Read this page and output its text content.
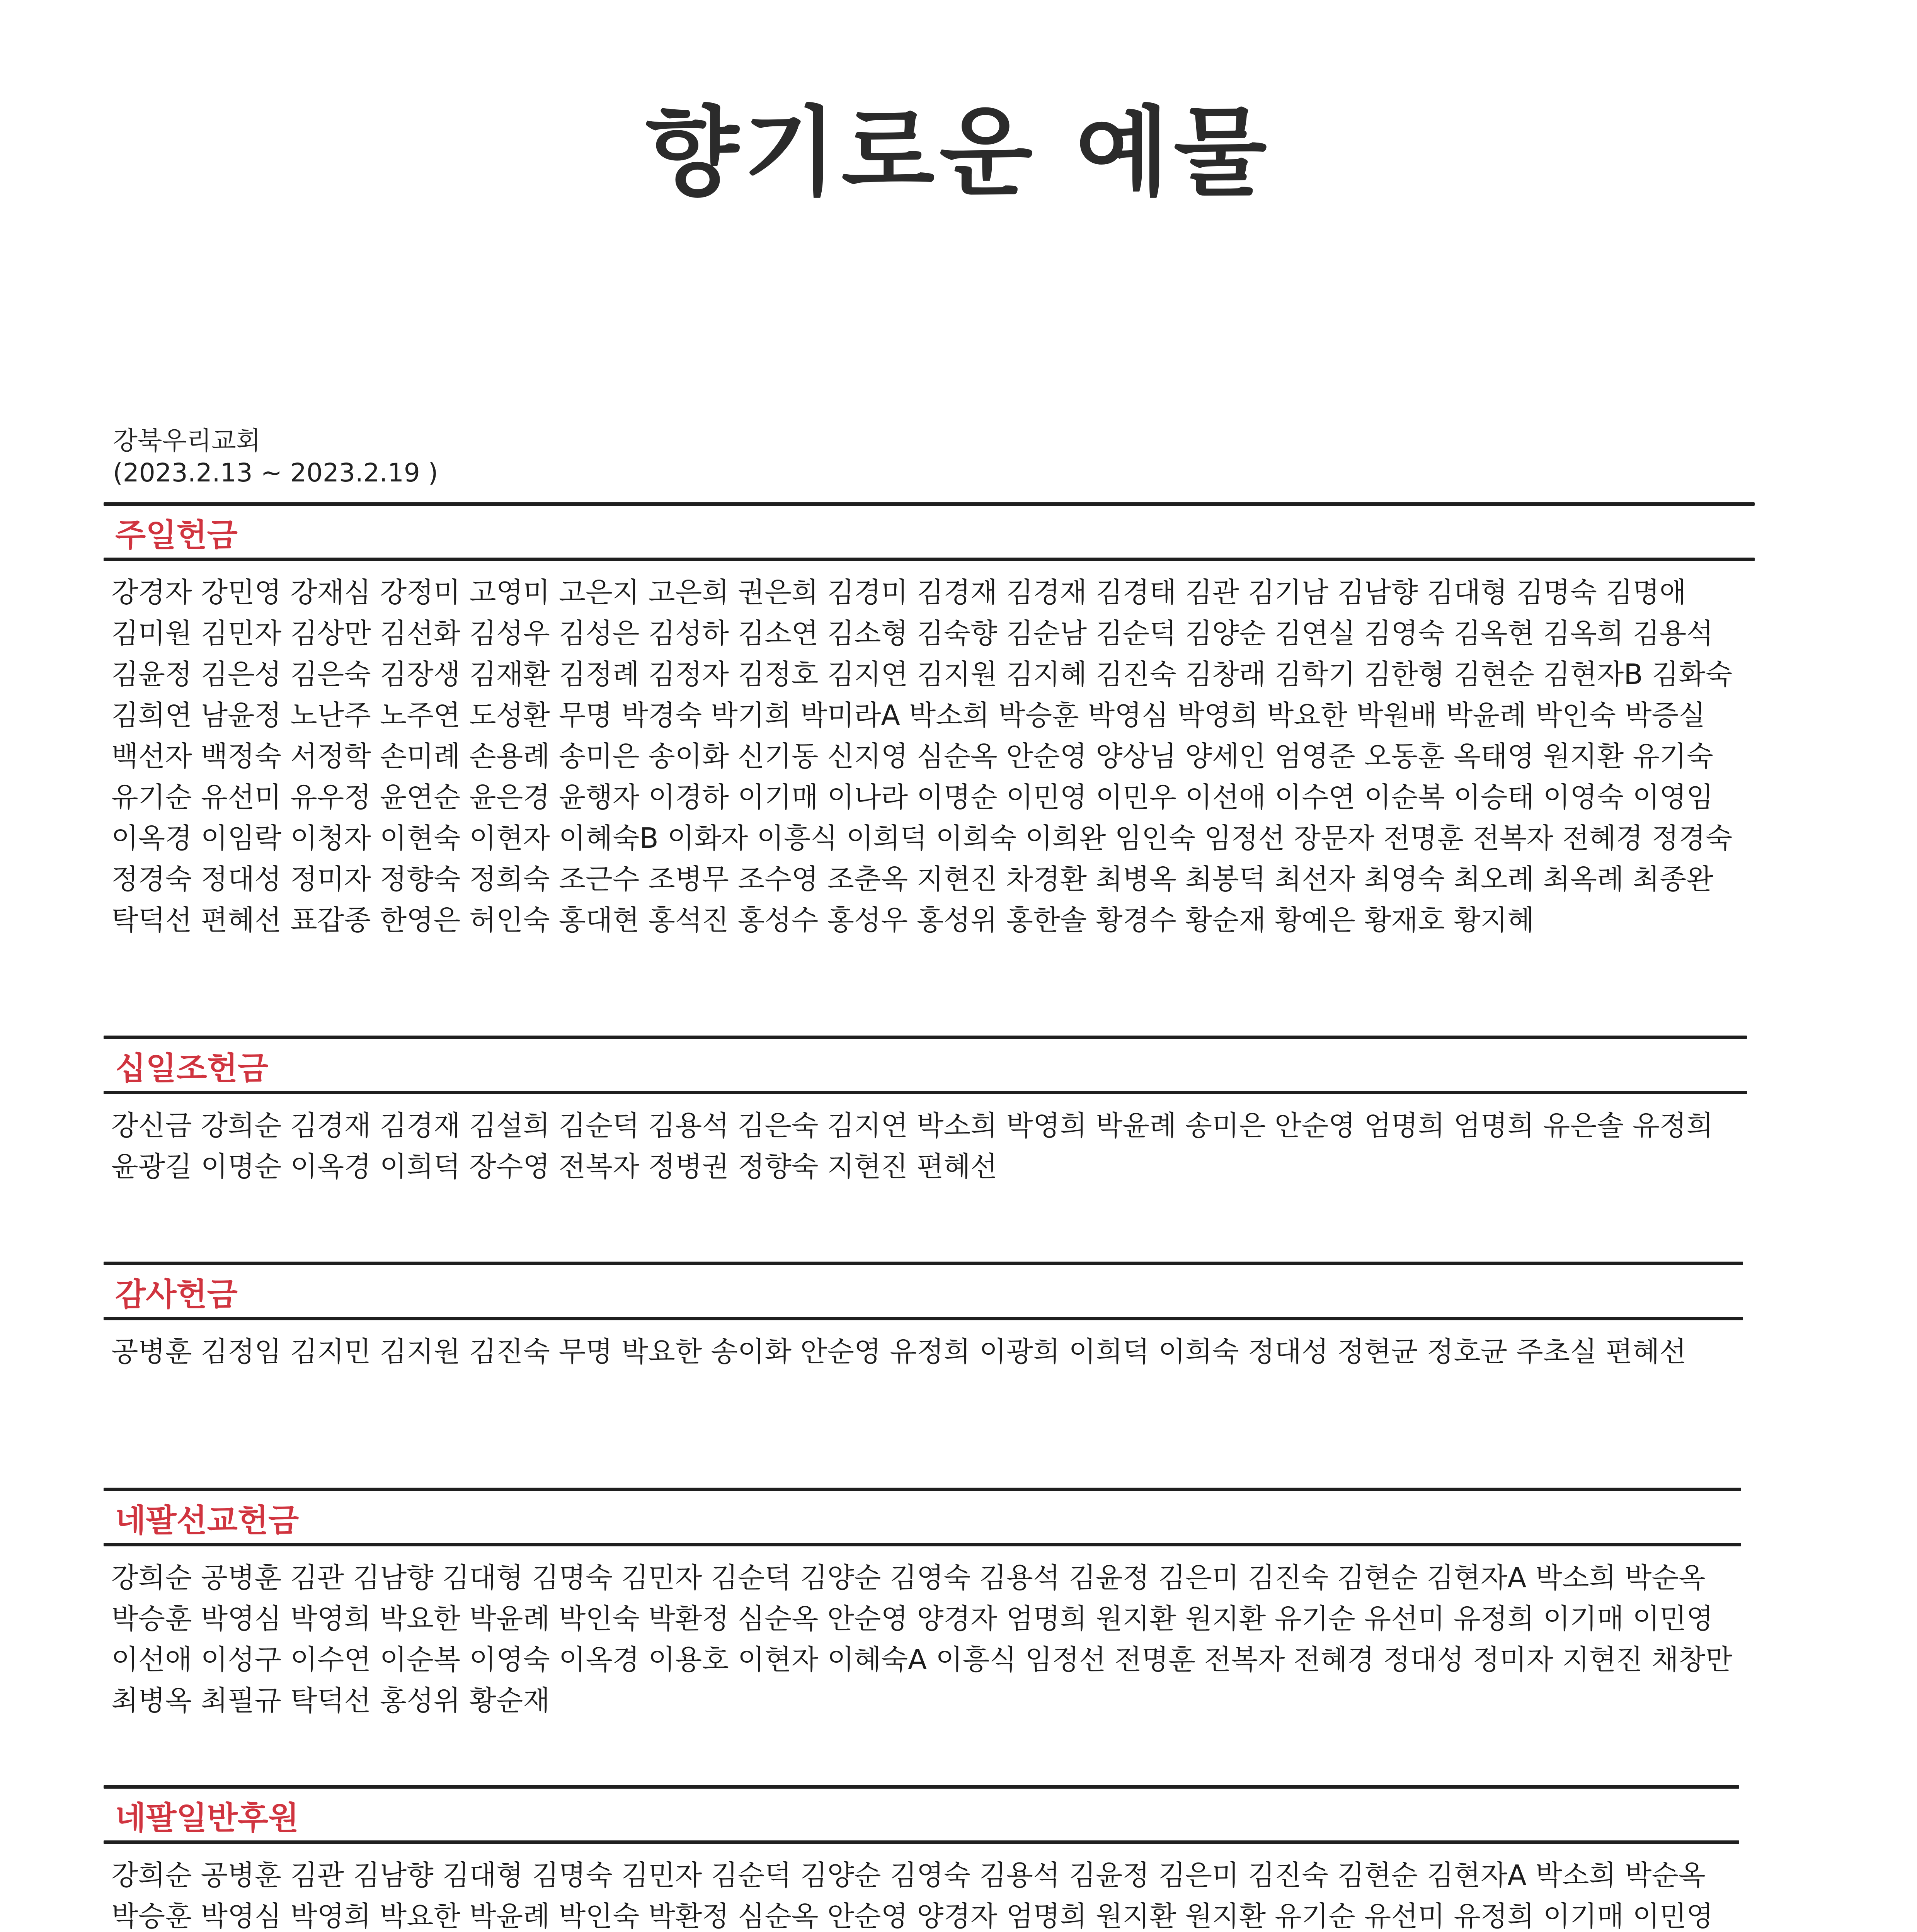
향기로운 예물
강북우리교회
(2023.2.13 ~ 2023.2.19 )
주일헌금
강경자 강민영 강재심 강정미 고영미 고은지 고은희 권은희 김경미 김경재 김경재 김경태 김관 김기남 김남향 김대형 김명숙 김명애 김미원 김민자 김상만 김선화 김성우 김성은 김성하 김소연 김소형 김숙향 김순남 김순덕 김양순 김연실 김영숙 김옥현 김옥희 김용석 김윤정 김은성 김은숙 김장생 김재환 김정례 김정자 김정호 김지연 김지원 김지혜 김진숙 김창래 김학기 김한형 김현순 김현자B 김화숙 김희연 남윤정 노난주 노주연 도성환 무명 박경숙 박기희 박미라A 박소희 박승훈 박영심 박영희 박요한 박원배 박윤례 박인숙 박증실 백선자 백정숙 서정학 손미례 손용례 송미은 송이화 신기동 신지영 심순옥 안순영 양상님 양세인 엄영준 오동훈 옥태영 원지환 유기숙 유기순 유선미 유우정 윤연순 윤은경 윤행자 이경하 이기매 이나라 이명순 이민영 이민우 이선애 이수연 이순복 이승태 이영숙 이영임 이옥경 이임락 이청자 이현숙 이현자 이혜숙B 이화자 이흥식 이희덕 이희숙 이희완 임인숙 임정선 장문자 전명훈 전복자 전혜경 정경숙 정경숙 정대성 정미자 정향숙 정희숙 조근수 조병무 조수영 조춘옥 지현진 차경환 최병옥 최봉덕 최선자 최영숙 최오례 최옥례 최종완 탁덕선 편혜선 표갑종 한영은 허인숙 홍대현 홍석진 홍성수 홍성우 홍성위 홍한솔 황경수 황순재 황예은 황재호 황지혜
십일조헌금
강신금 강희순 김경재 김경재 김설희 김순덕 김용석 김은숙 김지연 박소희 박영희 박윤례 송미은 안순영 엄명희 엄명희 유은솔 유정희 윤광길 이명순 이옥경 이희덕 장수영 전복자 정병권 정향숙 지현진 편혜선
감사헌금
공병훈 김정임 김지민 김지원 김진숙 무명 박요한 송이화 안순영 유정희 이광희 이희덕 이희숙 정대성 정현균 정호균 주초실 편혜선
네팔선교헌금
강희순 공병훈 김관 김남향 김대형 김명숙 김민자 김순덕 김양순 김영숙 김용석 김윤정 김은미 김진숙 김현순 김현자A 박소희 박순옥 박승훈 박영심 박영희 박요한 박윤례 박인숙 박환정 심순옥 안순영 양경자 엄명희 원지환 원지환 유기순 유선미 유정희 이기매 이민영 이선애 이성구 이수연 이순복 이영숙 이옥경 이용호 이현자 이혜숙A 이흥식 임정선 전명훈 전복자 전혜경 정대성 정미자 지현진 채창만 최병옥 최필규 탁덕선 홍성위 황순재
네팔일반후원
강희순 공병훈 김관 김남향 김대형 김명숙 김민자 김순덕 김양순 김영숙 김용석 김윤정 김은미 김진숙 김현순 김현자A 박소희 박순옥 박승훈 박영심 박영희 박요한 박윤례 박인숙 박환정 심순옥 안순영 양경자 엄명희 원지환 원지환 유기순 유선미 유정희 이기매 이민영
